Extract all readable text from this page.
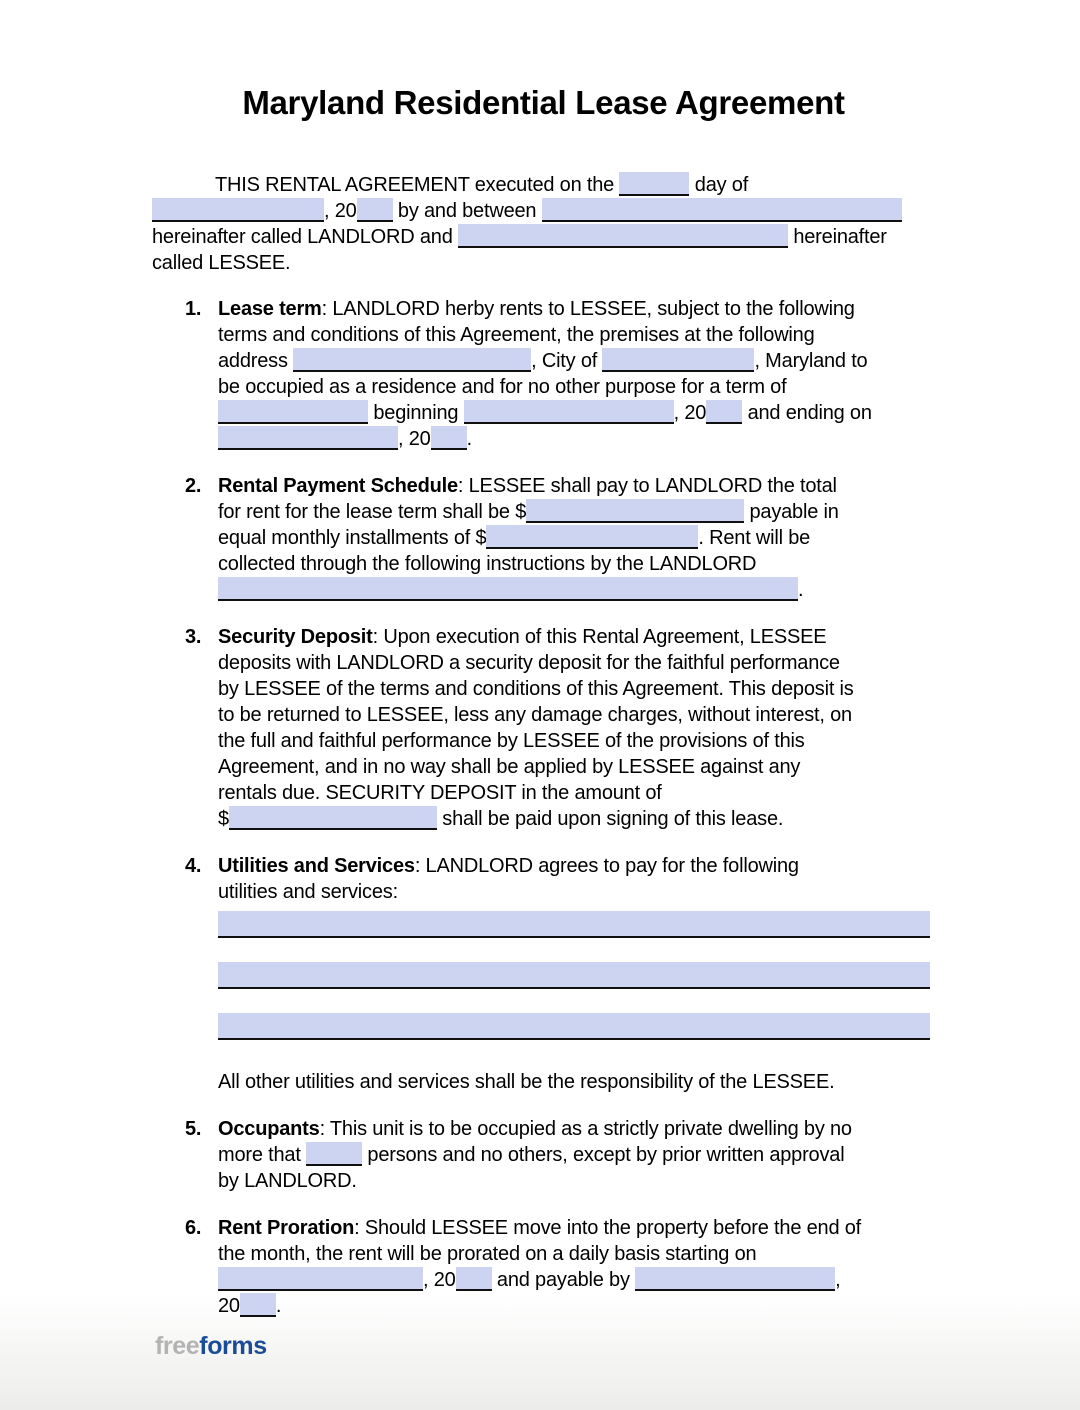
Maryland Residential Lease Agreement

THIS RENTAL AGREEMENT executed on the	day of
, 20 by and between
hereinafter called LANDLORD and	hereinafter
called LESSEE.

1. Lease term: LANDLORD herby rents to LESSEE, subject to the following
terms and conditions of this Agreement, the premises at the following
address	, City of	, Maryland to
be occupied as a residence and for no other purpose for a term of
beginning	, 20 and ending on
, 20 .
2. Rental Payment Schedule: LESSEE shall pay to LANDLORD the total
for rent for the lease term shall be $	payable in
equal monthly installments of $	. Rent will be
collected through the following instructions by the LANDLORD
.
3. Security Deposit: Upon execution of this Rental Agreement, LESSEE
deposits with LANDLORD a security deposit for the faithful performance
by LESSEE of the terms and conditions of this Agreement. This deposit is
to be returned to LESSEE, less any damage charges, without interest, on
the full and faithful performance by LESSEE of the provisions of this
Agreement, and in no way shall be applied by LESSEE against any
rentals due. SECURITY DEPOSIT in the amount of
$	shall be paid upon signing of this lease.
4. Utilities and Services: LANDLORD agrees to pay for the following
utilities and services:
All other utilities and services shall be the responsibility of the LESSEE.
5. Occupants: This unit is to be occupied as a strictly private dwelling by no
more that	persons and no others, except by prior written approval
by LANDLORD.
6. Rent Proration: Should LESSEE move into the property before the end of
the month, the rent will be prorated on a daily basis starting on
, 20 and payable by	,
20 .
freeforms
